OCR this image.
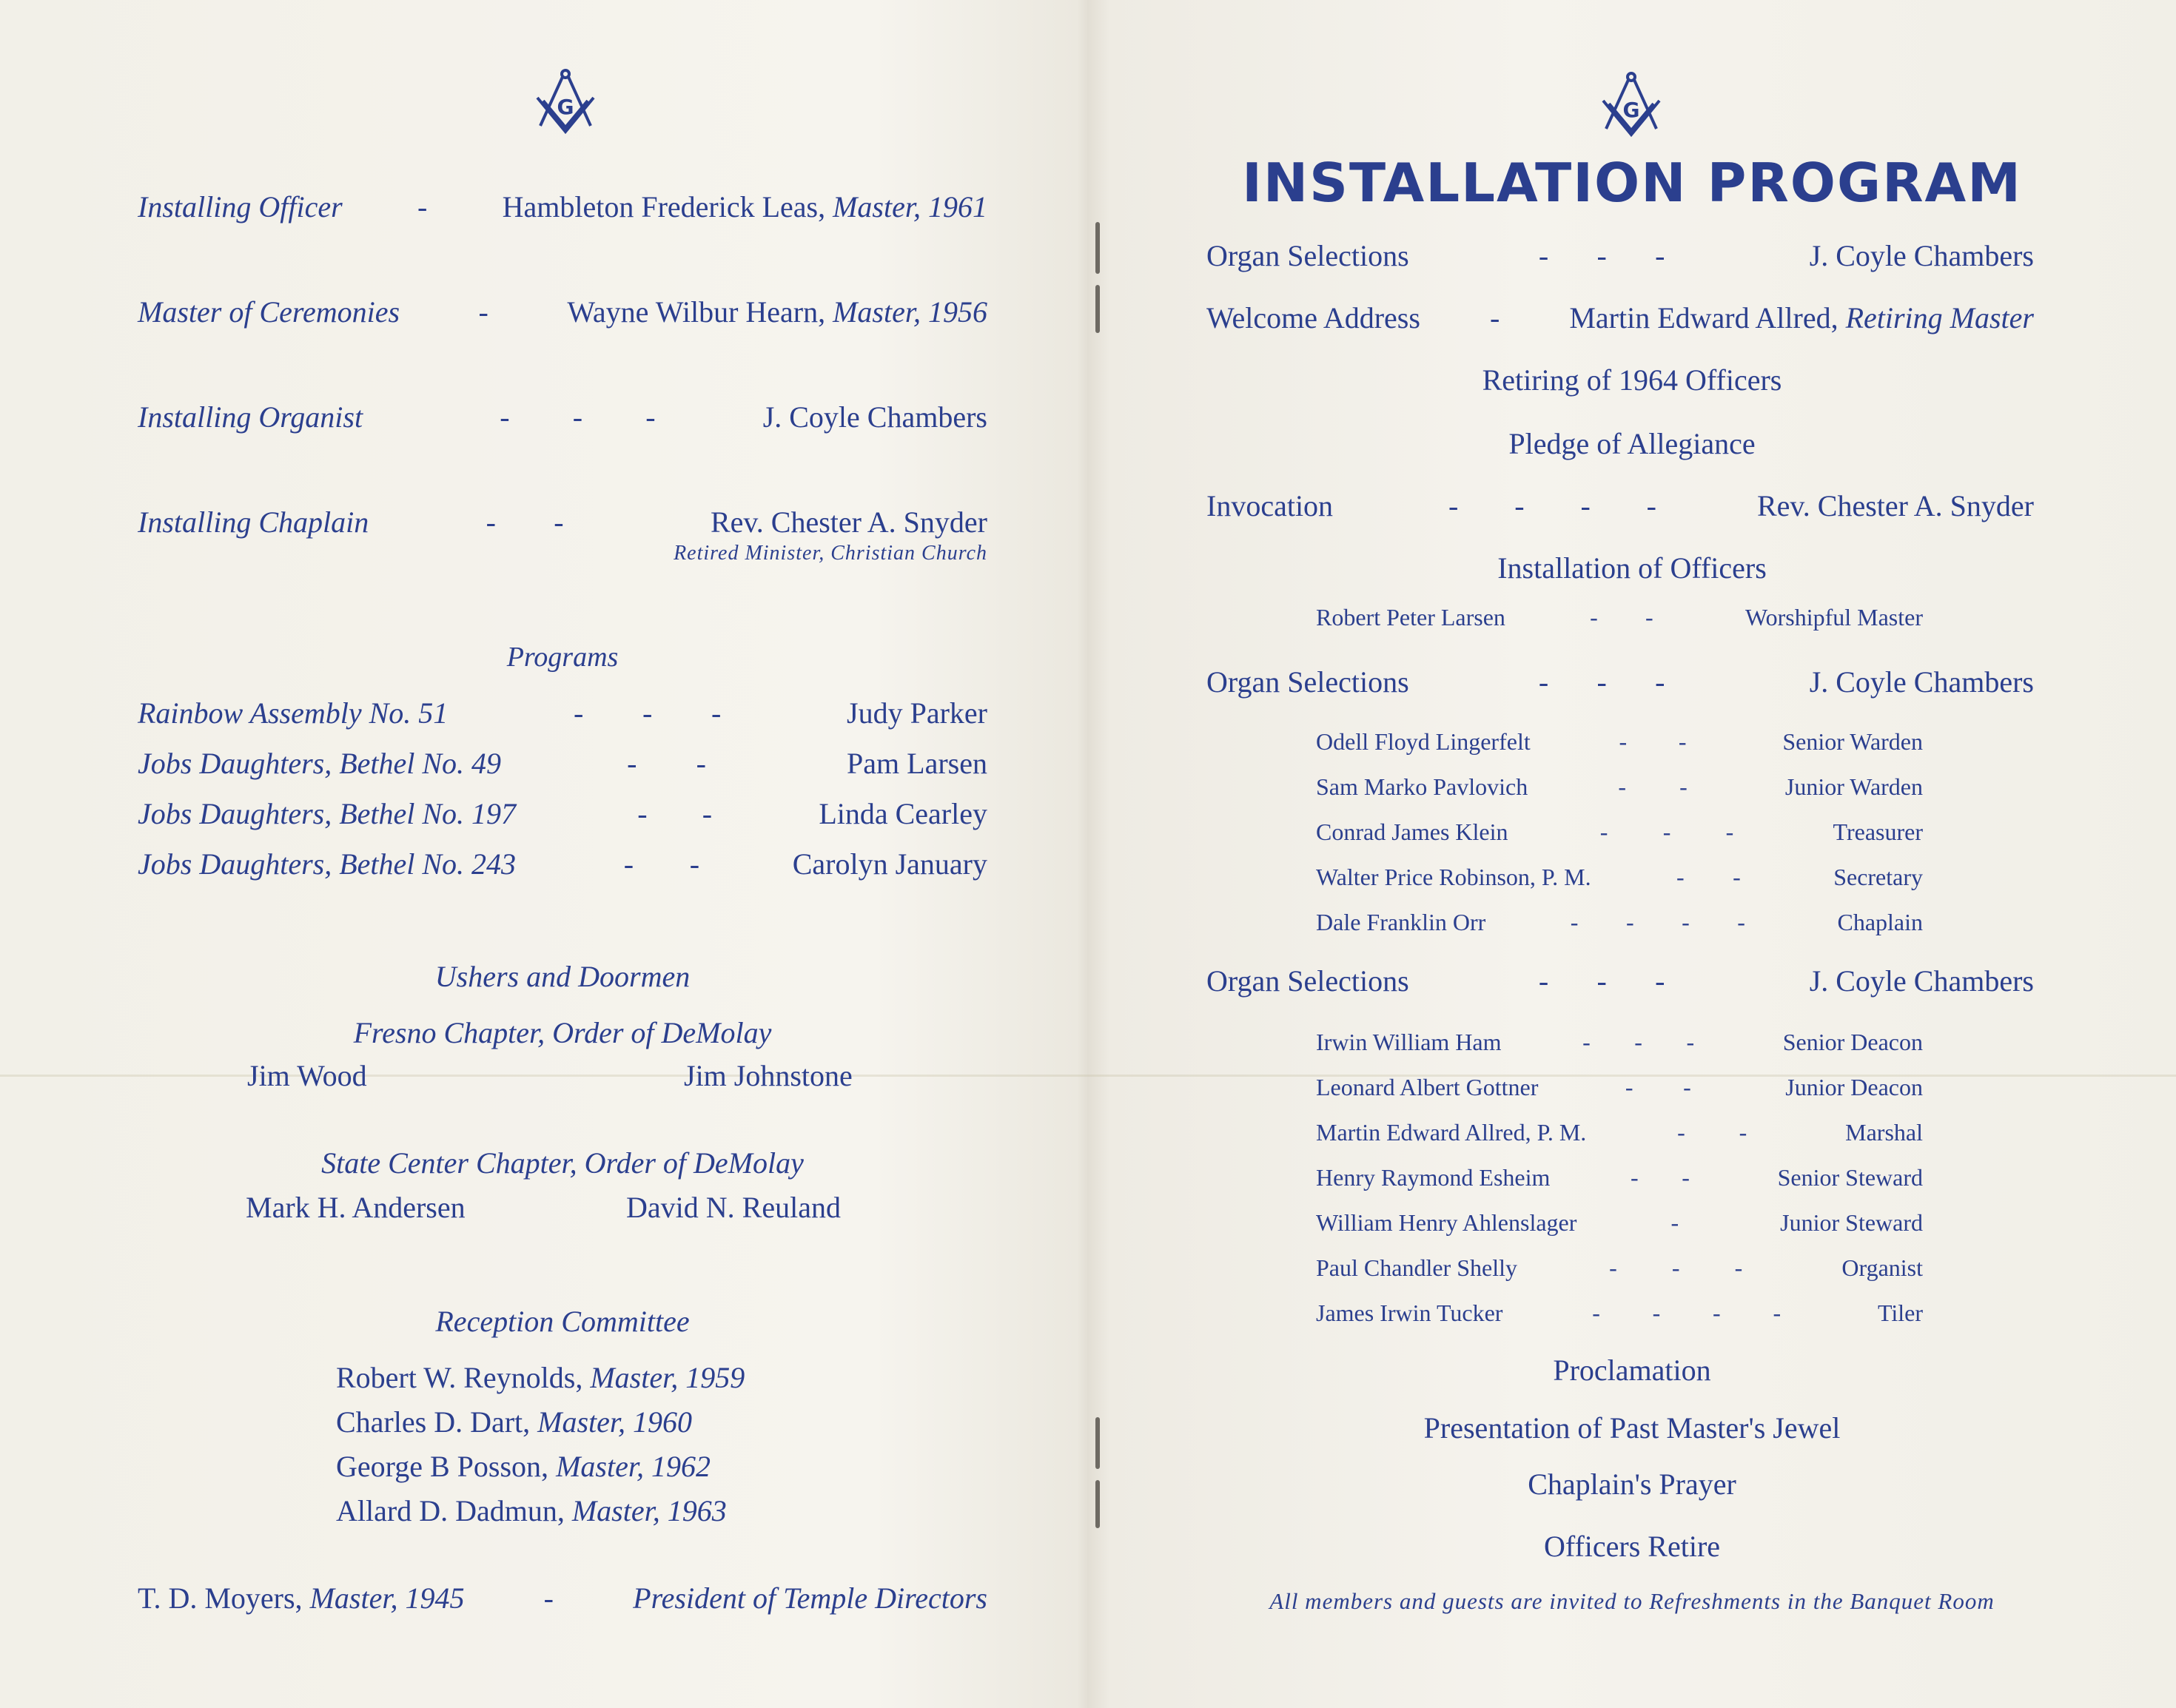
G
Installing Officer	-	Hambleton Frederick Leas, Master, 1961
Master of Ceremonies	-	Wayne Wilbur Hearn, Master, 1956
Installing Organist	- - -	J. Coyle Chambers
Installing Chaplain	- -	Rev. Chester A. Snyder
Retired Minister, Christian Church
Programs
Rainbow Assembly No. 51	- - -	Judy Parker
Jobs Daughters, Bethel No. 49	- -	Pam Larsen
Jobs Daughters, Bethel No. 197	- -	Linda Cearley
Jobs Daughters, Bethel No. 243	- -	Carolyn January
Ushers and Doormen
Fresno Chapter, Order of DeMolay
Jim Wood	Jim Johnstone
State Center Chapter, Order of DeMolay
Mark H. Andersen	David N. Reuland
Reception Committee
Robert W. Reynolds, Master, 1959
Charles D. Dart, Master, 1960
George B Posson, Master, 1962
Allard D. Dadmun, Master, 1963
T. D. Moyers, Master, 1945	-	President of Temple Directors
G
INSTALLATION PROGRAM
Organ Selections	- - -	J. Coyle Chambers
Welcome Address - Martin Edward Allred, Retiring Master
Retiring of 1964 Officers
Pledge of Allegiance
Invocation	- - - -	Rev. Chester A. Snyder
Installation of Officers
Robert Peter Larsen	- -	Worshipful Master
Organ Selections	- - -	J. Coyle Chambers
Odell Floyd Lingerfelt	- -	Senior Warden
Sam Marko Pavlovich	- -	Junior Warden
Conrad James Klein	- - -	Treasurer
Walter Price Robinson, P. M.	- -	Secretary
Dale Franklin Orr	- - - -	Chaplain
Organ Selections	- - -	J. Coyle Chambers
Irwin William Ham	- - -	Senior Deacon
Leonard Albert Gottner	- -	Junior Deacon
Martin Edward Allred, P. M.	- -	Marshal
Henry Raymond Esheim	- -	Senior Steward
William Henry Ahlenslager	-	Junior Steward
Paul Chandler Shelly	- - -	Organist
James Irwin Tucker	- - - -	Tiler
Proclamation
Presentation of Past Master's Jewel
Chaplain's Prayer
Officers Retire
All members and guests are invited to Refreshments in the Banquet Room
